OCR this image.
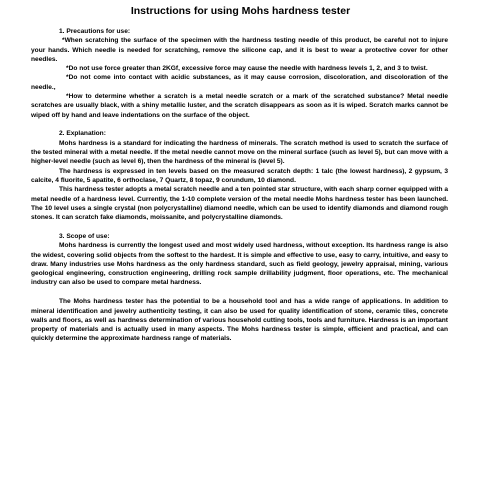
Instructions for using Mohs hardness tester

1. Precautions for use:

*When scratching the surface of the specimen with the hardness testing needle of this product, be careful not to injure your hands. Which needle is needed for scratching, remove the silicone cap, and it is best to wear a protective cover for other needles.

*Do not use force greater than 2KGf, excessive force may cause the needle with hardness levels 1, 2, and 3 to twist.

*Do not come into contact with acidic substances, as it may cause corrosion, discoloration, and discoloration of the needle.,

*How to determine whether a scratch is a metal needle scratch or a mark of the scratched substance? Metal needle scratches are usually black, with a shiny metallic luster, and the scratch disappears as soon as it is wiped. Scratch marks cannot be wiped off by hand and leave indentations on the surface of the object.

2. Explanation:

Mohs hardness is a standard for indicating the hardness of minerals. The scratch method is used to scratch the surface of the tested mineral with a metal needle. If the metal needle cannot move on the mineral surface (such as level 5), but can move with a higher-level needle (such as level 6), then the hardness of the mineral is (level 5).

The hardness is expressed in ten levels based on the measured scratch depth: 1 talc (the lowest hardness), 2 gypsum, 3 calcite, 4 fluorite, 5 apatite, 6 orthoclase, 7 Quartz, 8 topaz, 9 corundum, 10 diamond.

This hardness tester adopts a metal scratch needle and a ten pointed star structure, with each sharp corner equipped with a metal needle of a hardness level. Currently, the 1-10 complete version of the metal needle Mohs hardness tester has been launched. The 10 level uses a single crystal (non polycrystalline) diamond needle, which can be used to identify diamonds and diamond rough stones. It can scratch fake diamonds, moissanite, and polycrystalline diamonds.

3. Scope of use:

Mohs hardness is currently the longest used and most widely used hardness, without exception. Its hardness range is also the widest, covering solid objects from the softest to the hardest. It is simple and effective to use, easy to carry, intuitive, and easy to draw. Many industries use Mohs hardness as the only hardness standard, such as field geology, jewelry appraisal, mining, various geological engineering, construction engineering, drilling rock sample drillability judgment, floor operations, etc. The mechanical industry can also be used to compare metal hardness.

The Mohs hardness tester has the potential to be a household tool and has a wide range of applications. In addition to mineral identification and jewelry authenticity testing, it can also be used for quality identification of stone, ceramic tiles, concrete walls and floors, as well as hardness determination of various household cutting tools, tools and furniture. Hardness is an important property of materials and is actually used in many aspects. The Mohs hardness tester is simple, efficient and practical, and can quickly determine the approximate hardness range of materials.
